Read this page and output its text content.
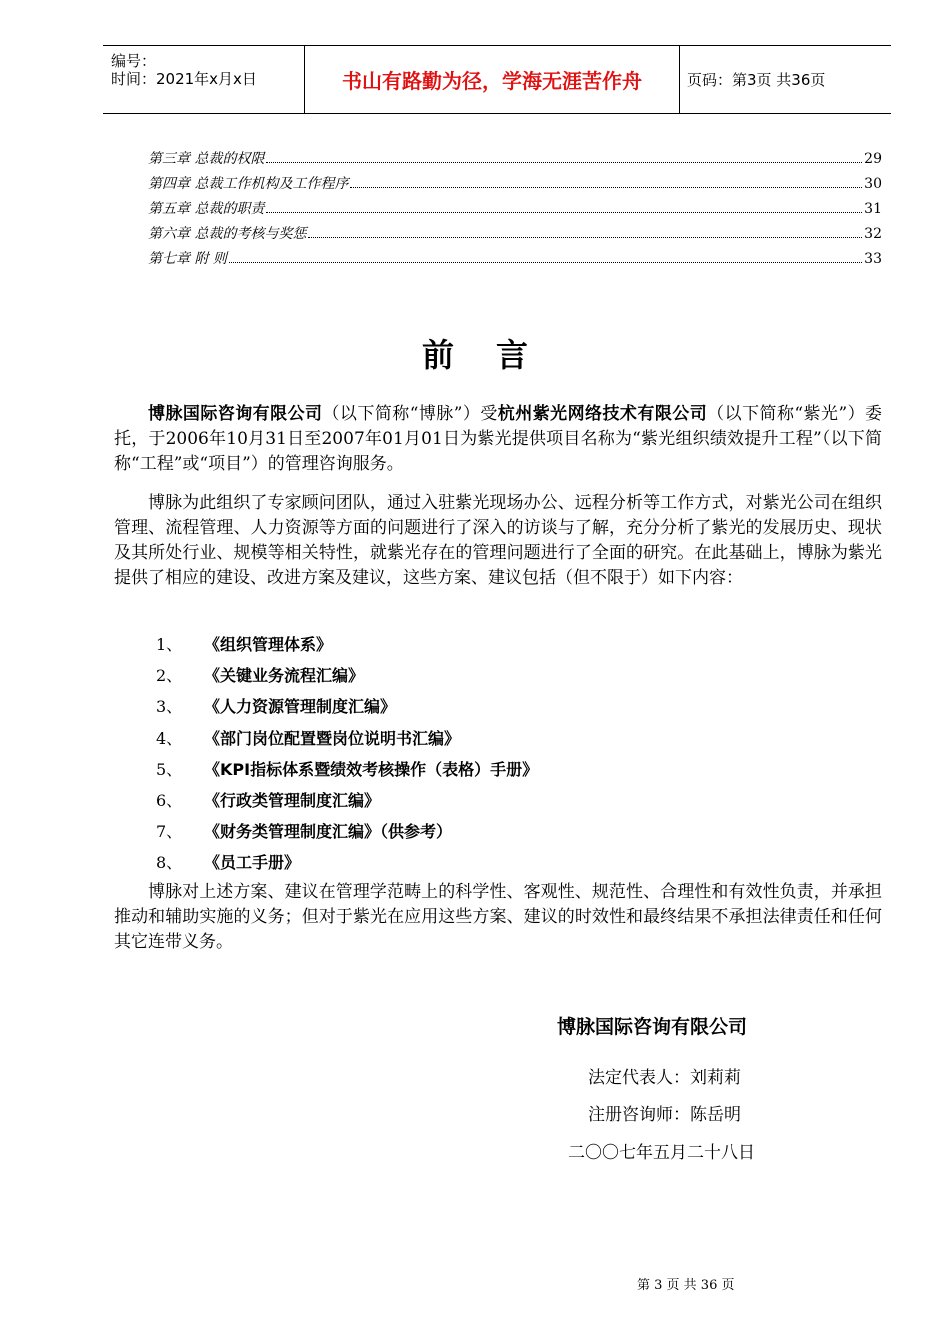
编号：
时间：2021年x月x日	书山有路勤为径，学海无涯苦作舟	页码：第3页 共36页
第三章 总裁的权限	29
第四章 总裁工作机构及工作程序	30
第五章 总裁的职责	31
第六章 总裁的考核与奖惩	32
第七章 附 则	33
前言
博脉国际咨询有限公司（以下简称“博脉”）受杭州紫光网络技术有限公司（以下简称“紫光”）委托，于2006年10月31日至2007年01月01日为紫光提供项目名称为“紫光组织绩效提升工程”（以下简称“工程”或“项目”）的管理咨询服务。
博脉为此组织了专家顾问团队，通过入驻紫光现场办公、远程分析等工作方式，对紫光公司在组织管理、流程管理、人力资源等方面的问题进行了深入的访谈与了解，充分分析了紫光的发展历史、现状及其所处行业、规模等相关特性，就紫光存在的管理问题进行了全面的研究。在此基础上，博脉为紫光提供了相应的建设、改进方案及建议，这些方案、建议包括（但不限于）如下内容：
1、	《组织管理体系》
2、	《关键业务流程汇编》
3、	《人力资源管理制度汇编》
4、	《部门岗位配置暨岗位说明书汇编》
5、	《KPI指标体系暨绩效考核操作（表格）手册》
6、	《行政类管理制度汇编》
7、	《财务类管理制度汇编》（供参考）
8、	《员工手册》
博脉对上述方案、建议在管理学范畴上的科学性、客观性、规范性、合理性和有效性负责，并承担推动和辅助实施的义务；但对于紫光在应用这些方案、建议的时效性和最终结果不承担法律责任和任何其它连带义务。
博脉国际咨询有限公司
法定代表人：刘莉莉
注册咨询师：陈岳明
二〇〇七年五月二十八日
第 3 页 共 36 页
